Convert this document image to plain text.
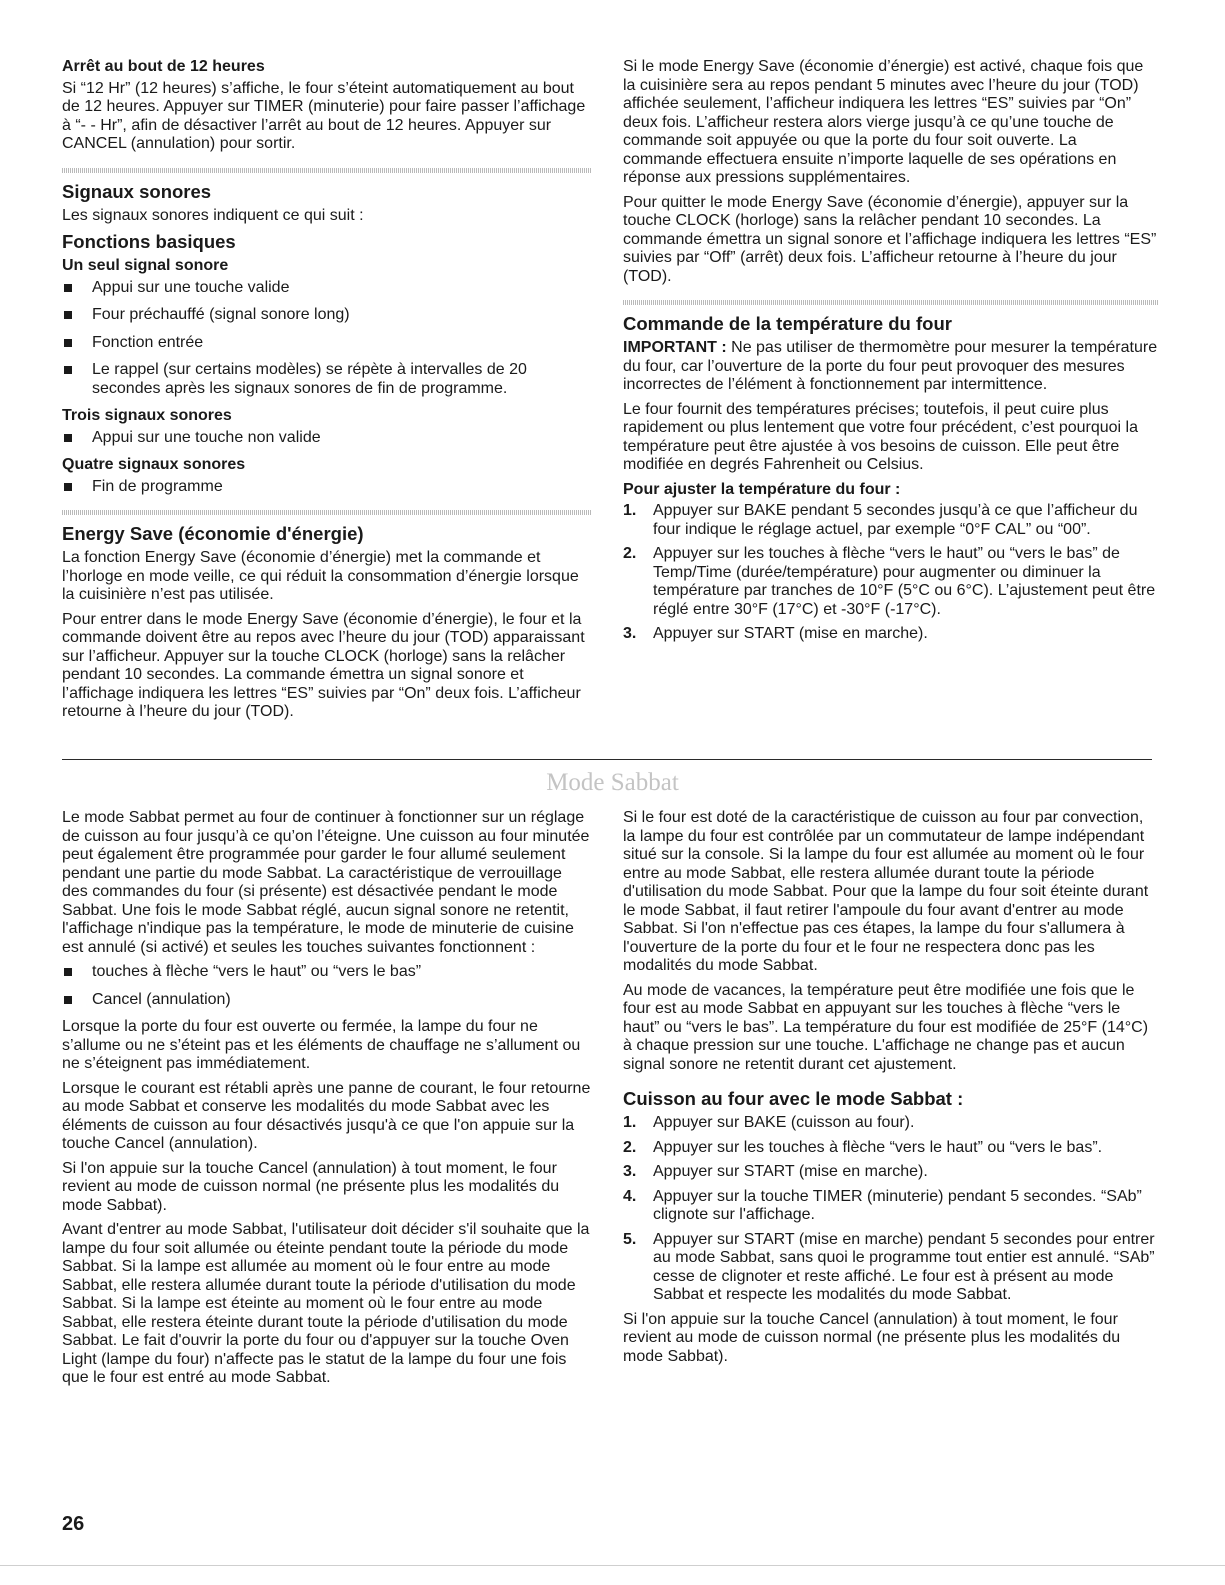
Arrêt au bout de 12 heures

Si “12 Hr” (12 heures) s’affiche, le four s’éteint automatiquement au bout de 12 heures. Appuyer sur TIMER (minuterie) pour faire passer l’affichage à “- - Hr”, afin de désactiver l’arrêt au bout de 12 heures. Appuyer sur CANCEL (annulation) pour sortir.

Signaux sonores

Les signaux sonores indiquent ce qui suit :

Fonctions basiques
Un seul signal sonore
Appui sur une touche valide
Four préchauffé (signal sonore long)
Fonction entrée
Le rappel (sur certains modèles) se répète à intervalles de 20 secondes après les signaux sonores de fin de programme.
Trois signaux sonores
Appui sur une touche non valide
Quatre signaux sonores
Fin de programme
Energy Save (économie d'énergie)

La fonction Energy Save (économie d’énergie) met la commande et l’horloge en mode veille, ce qui réduit la consommation d’énergie lorsque la cuisinière n’est pas utilisée.

Pour entrer dans le mode Energy Save (économie d’énergie), le four et la commande doivent être au repos avec l’heure du jour (TOD) apparaissant sur l’afficheur. Appuyer sur la touche CLOCK (horloge) sans la relâcher pendant 10 secondes. La commande émettra un signal sonore et l’affichage indiquera les lettres “ES” suivies par “On” deux fois. L’afficheur retourne à l’heure du jour (TOD).

Si le mode Energy Save (économie d’énergie) est activé, chaque fois que la cuisinière sera au repos pendant 5 minutes avec l’heure du jour (TOD) affichée seulement, l’afficheur indiquera les lettres “ES” suivies par “On” deux fois. L’afficheur restera alors vierge jusqu’à ce qu’une touche de commande soit appuyée ou que la porte du four soit ouverte. La commande effectuera ensuite n’importe laquelle de ses opérations en réponse aux pressions supplémentaires.

Pour quitter le mode Energy Save (économie d’énergie), appuyer sur la touche CLOCK (horloge) sans la relâcher pendant 10 secondes. La commande émettra un signal sonore et l’affichage indiquera les lettres “ES” suivies par “Off” (arrêt) deux fois. L’afficheur retourne à l’heure du jour (TOD).

Commande de la température du four

IMPORTANT : Ne pas utiliser de thermomètre pour mesurer la température du four, car l’ouverture de la porte du four peut provoquer des mesures incorrectes de l’élément à fonctionnement par intermittence.

Le four fournit des températures précises; toutefois, il peut cuire plus rapidement ou plus lentement que votre four précédent, c’est pourquoi la température peut être ajustée à vos besoins de cuisson. Elle peut être modifiée en degrés Fahrenheit ou Celsius.

Pour ajuster la température du four :
1. Appuyer sur BAKE pendant 5 secondes jusqu’à ce que l’afficheur du four indique le réglage actuel, par exemple “0°F CAL” ou “00”.
2. Appuyer sur les touches à flèche “vers le haut” ou “vers le bas” de Temp/Time (durée/température) pour augmenter ou diminuer la température par tranches de 10°F (5°C ou 6°C). L’ajustement peut être réglé entre 30°F (17°C) et -30°F (-17°C).
3. Appuyer sur START (mise en marche).
Mode Sabbat

Le mode Sabbat permet au four de continuer à fonctionner sur un réglage de cuisson au four jusqu’à ce qu’on l’éteigne. Une cuisson au four minutée peut également être programmée pour garder le four allumé seulement pendant une partie du mode Sabbat. La caractéristique de verrouillage des commandes du four (si présente) est désactivée pendant le mode Sabbat. Une fois le mode Sabbat réglé, aucun signal sonore ne retentit, l'affichage n'indique pas la température, le mode de minuterie de cuisine est annulé (si activé) et seules les touches suivantes fonctionnent :

touches à flèche “vers le haut” ou “vers le bas”
Cancel (annulation)

Lorsque la porte du four est ouverte ou fermée, la lampe du four ne s’allume ou ne s’éteint pas et les éléments de chauffage ne s’allument ou ne s’éteignent pas immédiatement.

Lorsque le courant est rétabli après une panne de courant, le four retourne au mode Sabbat et conserve les modalités du mode Sabbat avec les éléments de cuisson au four désactivés jusqu'à ce que l'on appuie sur la touche Cancel (annulation).

Si l'on appuie sur la touche Cancel (annulation) à tout moment, le four revient au mode de cuisson normal (ne présente plus les modalités du mode Sabbat).

Avant d'entrer au mode Sabbat, l'utilisateur doit décider s'il souhaite que la lampe du four soit allumée ou éteinte pendant toute la période du mode Sabbat. Si la lampe est allumée au moment où le four entre au mode Sabbat, elle restera allumée durant toute la période d'utilisation du mode Sabbat. Si la lampe est éteinte au moment où le four entre au mode Sabbat, elle restera éteinte durant toute la période d'utilisation du mode Sabbat. Le fait d'ouvrir la porte du four ou d'appuyer sur la touche Oven Light (lampe du four) n'affecte pas le statut de la lampe du four une fois que le four est entré au mode Sabbat.

Si le four est doté de la caractéristique de cuisson au four par convection, la lampe du four est contrôlée par un commutateur de lampe indépendant situé sur la console. Si la lampe du four est allumée au moment où le four entre au mode Sabbat, elle restera allumée durant toute la période d'utilisation du mode Sabbat. Pour que la lampe du four soit éteinte durant le mode Sabbat, il faut retirer l'ampoule du four avant d'entrer au mode Sabbat. Si l'on n'effectue pas ces étapes, la lampe du four s'allumera à l'ouverture de la porte du four et le four ne respectera donc pas les modalités du mode Sabbat.

Au mode de vacances, la température peut être modifiée une fois que le four est au mode Sabbat en appuyant sur les touches à flèche “vers le haut” ou “vers le bas”. La température du four est modifiée de 25°F (14°C) à chaque pression sur une touche. L'affichage ne change pas et aucun signal sonore ne retentit durant cet ajustement.

Cuisson au four avec le mode Sabbat :
1. Appuyer sur BAKE (cuisson au four).
2. Appuyer sur les touches à flèche “vers le haut” ou “vers le bas”.
3. Appuyer sur START (mise en marche).
4. Appuyer sur la touche TIMER (minuterie) pendant 5 secondes. “SAb” clignote sur l'affichage.
5. Appuyer sur START (mise en marche) pendant 5 secondes pour entrer au mode Sabbat, sans quoi le programme tout entier est annulé. “SAb” cesse de clignoter et reste affiché. Le four est à présent au mode Sabbat et respecte les modalités du mode Sabbat.

Si l'on appuie sur la touche Cancel (annulation) à tout moment, le four revient au mode de cuisson normal (ne présente plus les modalités du mode Sabbat).

26
